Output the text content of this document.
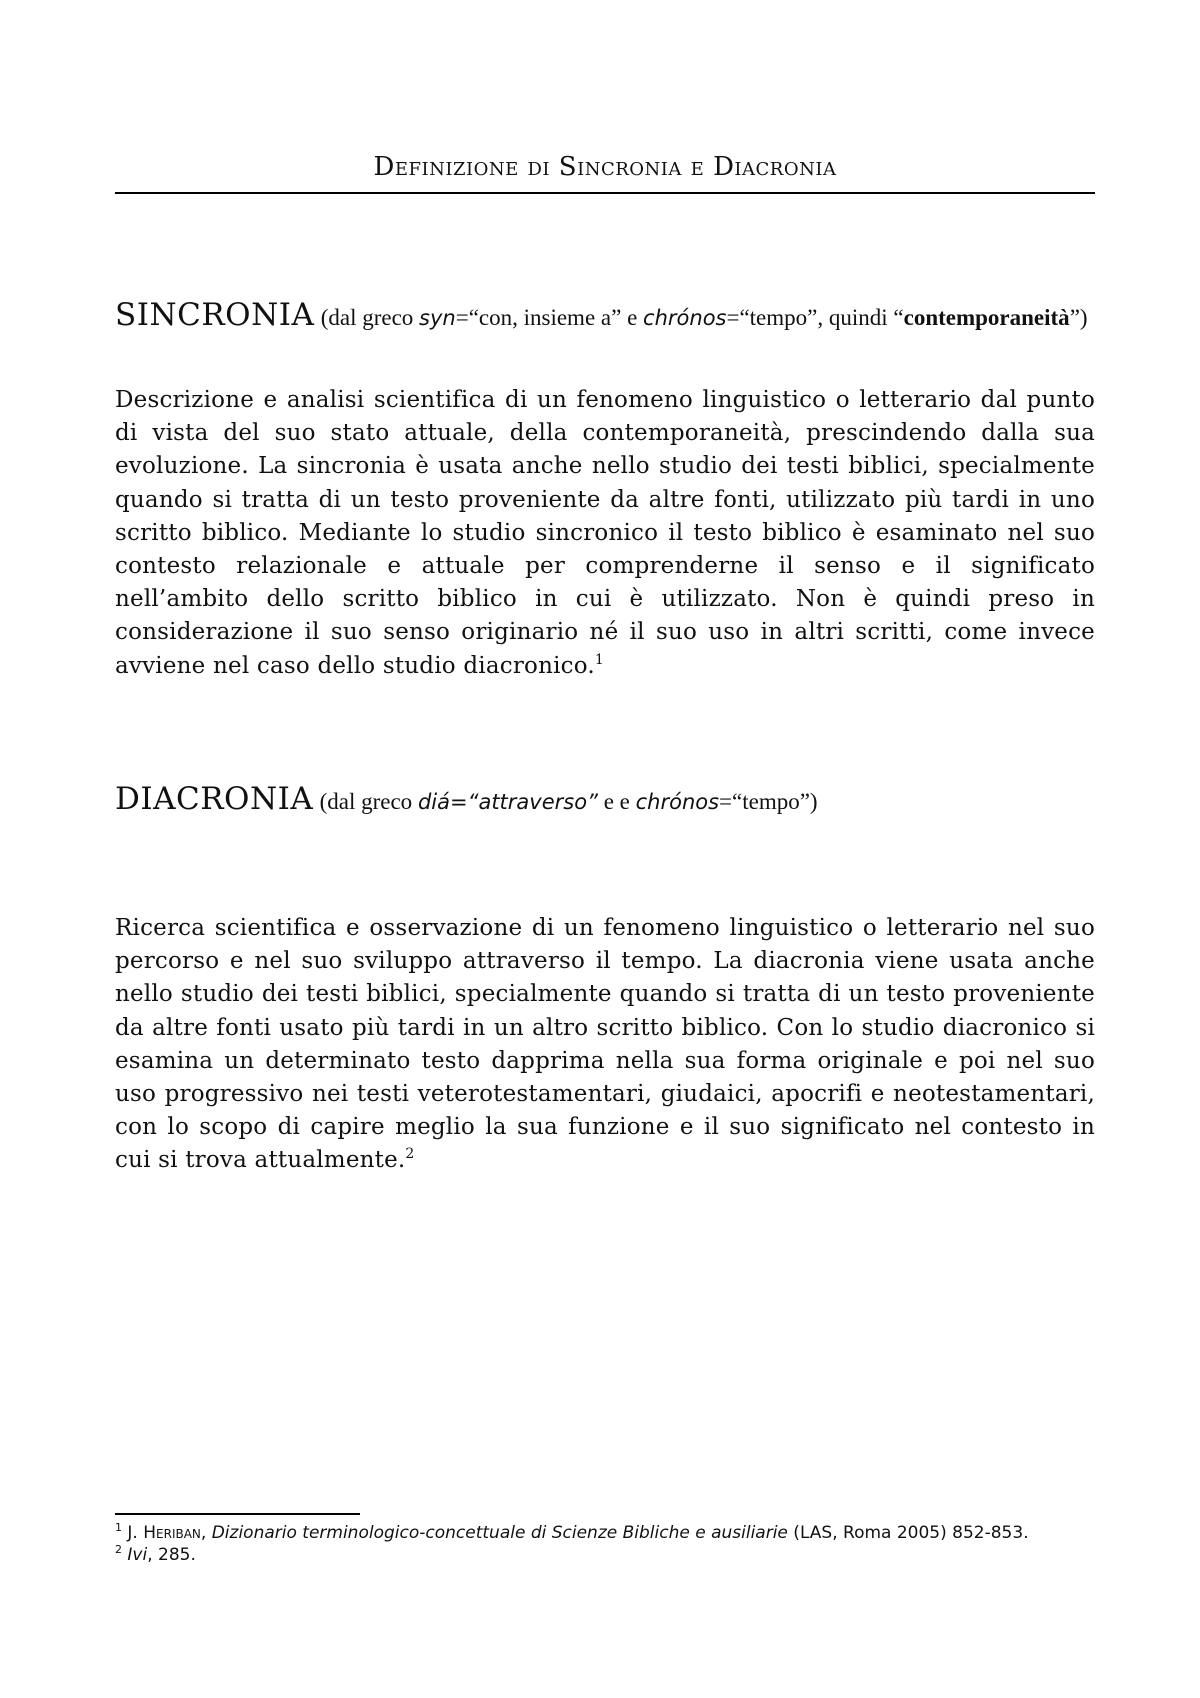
Definizione di Sincronia e Diacronia
SINCRONIA (dal greco syn=“con, insieme a” e chrónos=“tempo”, quindi “contemporaneità”)

Descrizione e analisi scientifica di un fenomeno linguistico o letterario dal punto di vista del suo stato attuale, della contemporaneità, prescindendo dalla sua evoluzione. La sincronia è usata anche nello studio dei testi biblici, specialmente quando si tratta di un testo proveniente da altre fonti, utilizzato più tardi in uno scritto biblico. Mediante lo studio sincronico il testo biblico è esaminato nel suo contesto relazionale e attuale per comprenderne il senso e il significato nell’ambito dello scritto biblico in cui è utilizzato. Non è quindi preso in considerazione il suo senso originario né il suo uso in altri scritti, come invece avviene nel caso dello studio diacronico.$^1$

DIACRONIA (dal greco diá=“attraverso” e e chrónos=“tempo”)

Ricerca scientifica e osservazione di un fenomeno linguistico o letterario nel suo percorso e nel suo sviluppo attraverso il tempo. La diacronia viene usata anche nello studio dei testi biblici, specialmente quando si tratta di un testo proveniente da altre fonti usato più tardi in un altro scritto biblico. Con lo studio diacronico si esamina un determinato testo dapprima nella sua forma originale e poi nel suo uso progressivo nei testi veterotestamentari, giudaici, apocrifi e neotestamentari, con lo scopo di capire meglio la sua funzione e il suo significato nel contesto in cui si trova attualmente.$^2$

$^1$ J. Heriban, Dizionario terminologico-concettuale di Scienze Bibliche e ausiliarie (LAS, Roma 2005) 852-853.

$^2$ Ivi, 285.
